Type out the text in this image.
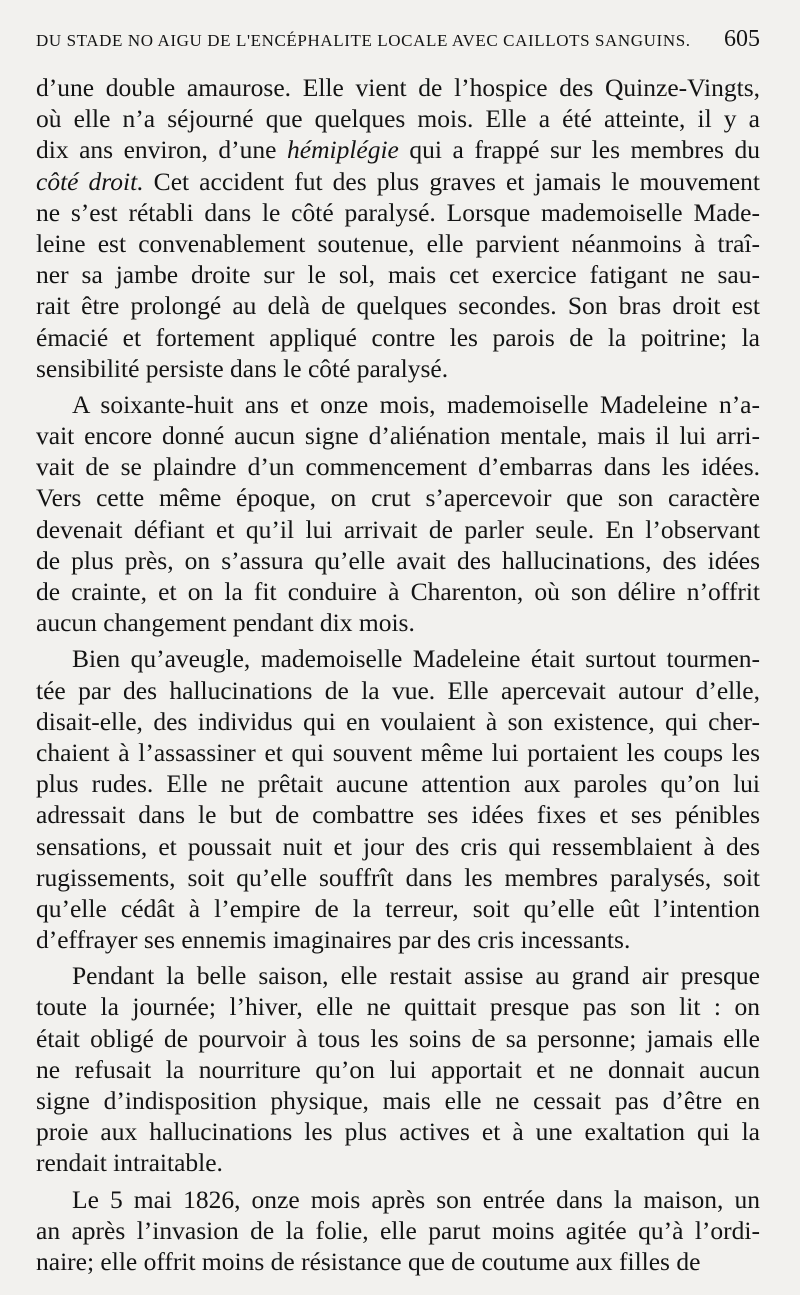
DU STADE NO AIGU DE L'ENCÉPHALITE LOCALE AVEC CAILLOTS SANGUINS. 605
d’une double amaurose. Elle vient de l’hospice des Quinze-Vingts,
où elle n’a séjourné que quelques mois. Elle a été atteinte, il y a
dix ans environ, d’une hémiplégie qui a frappé sur les membres du
côté droit. Cet accident fut des plus graves et jamais le mouvement
ne s’est rétabli dans le côté paralysé. Lorsque mademoiselle Made-
leine est convenablement soutenue, elle parvient néanmoins à traî-
ner sa jambe droite sur le sol, mais cet exercice fatigant ne sau-
rait être prolongé au delà de quelques secondes. Son bras droit est
émacié et fortement appliqué contre les parois de la poitrine; la
sensibilité persiste dans le côté paralysé.
A soixante-huit ans et onze mois, mademoiselle Madeleine n’a-
vait encore donné aucun signe d’aliénation mentale, mais il lui arri-
vait de se plaindre d’un commencement d’embarras dans les idées.
Vers cette même époque, on crut s’apercevoir que son caractère
devenait défiant et qu’il lui arrivait de parler seule. En l’observant
de plus près, on s’assura qu’elle avait des hallucinations, des idées
de crainte, et on la fit conduire à Charenton, où son délire n’offrit
aucun changement pendant dix mois.
Bien qu’aveugle, mademoiselle Madeleine était surtout tourmen-
tée par des hallucinations de la vue. Elle apercevait autour d’elle,
disait-elle, des individus qui en voulaient à son existence, qui cher-
chaient à l’assassiner et qui souvent même lui portaient les coups les
plus rudes. Elle ne prêtait aucune attention aux paroles qu’on lui
adressait dans le but de combattre ses idées fixes et ses pénibles
sensations, et poussait nuit et jour des cris qui ressemblaient à des
rugissements, soit qu’elle souffrît dans les membres paralysés, soit
qu’elle cédât à l’empire de la terreur, soit qu’elle eût l’intention
d’effrayer ses ennemis imaginaires par des cris incessants.
Pendant la belle saison, elle restait assise au grand air presque
toute la journée; l’hiver, elle ne quittait presque pas son lit : on
était obligé de pourvoir à tous les soins de sa personne; jamais elle
ne refusait la nourriture qu’on lui apportait et ne donnait aucun
signe d’indisposition physique, mais elle ne cessait pas d’être en
proie aux hallucinations les plus actives et à une exaltation qui la
rendait intraitable.
Le 5 mai 1826, onze mois après son entrée dans la maison, un
an après l’invasion de la folie, elle parut moins agitée qu’à l’ordi-
naire; elle offrit moins de résistance que de coutume aux filles de
